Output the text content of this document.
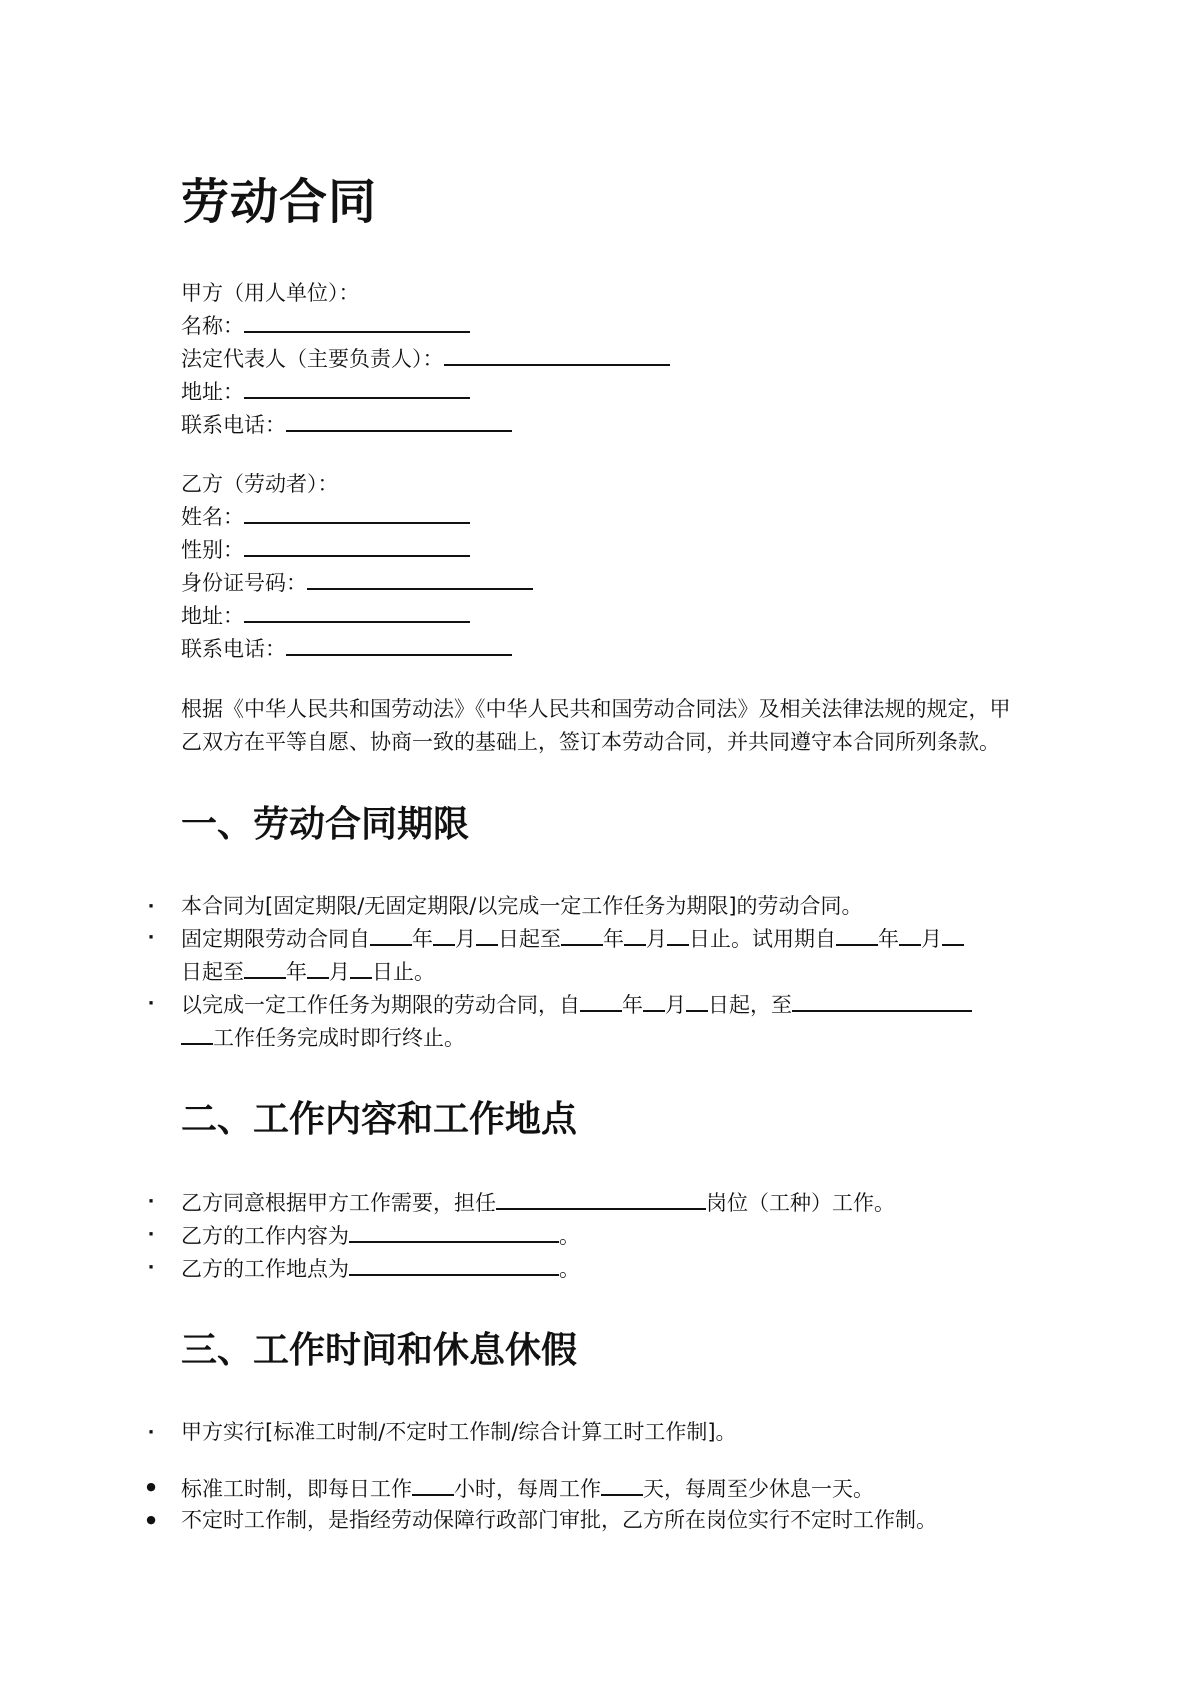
劳动合同
甲方（用人单位）：
名称：
法定代表人（主要负责人）：
地址：
联系电话：
乙方（劳动者）：
姓名：
性别：
身份证号码：
地址：
联系电话：
根据《中华人民共和国劳动法》《中华人民共和国劳动合同法》及相关法律法规的规定，甲乙双方在平等自愿、协商一致的基础上，签订本劳动合同，并共同遵守本合同所列条款。
一、劳动合同期限
·
本合同为[固定期限/无固定期限/以完成一定工作任务为期限]的劳动合同。
·
固定期限劳动合同自 年 月 日起至 年 月 日止。试用期自 年 月
日起至 年 月 日止。
·
以完成一定工作任务为期限的劳动合同，自 年 月 日起，至
工作任务完成时即行终止。
二、工作内容和工作地点
·
乙方同意根据甲方工作需要，担任	岗位（工种）工作。
·
乙方的工作内容为	。
·
乙方的工作地点为	。
三、工作时间和休息休假
·
甲方实行[标准工时制/不定时工作制/综合计算工时工作制]。
●
标准工时制，即每日工作 小时，每周工作 天，每周至少休息一天。
●
不定时工作制，是指经劳动保障行政部门审批，乙方所在岗位实行不定时工作制。
